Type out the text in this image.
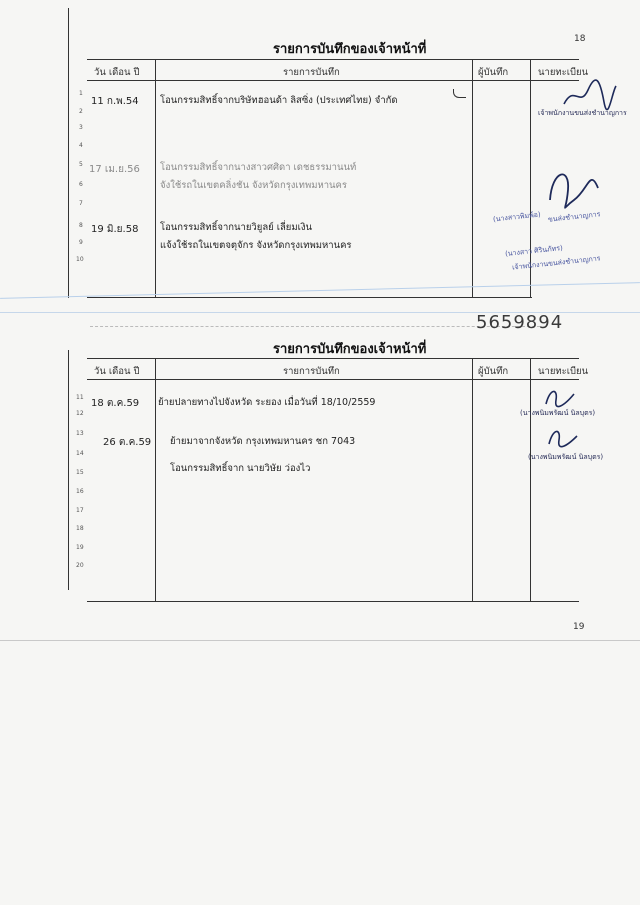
18
รายการบันทึกของเจ้าหน้าที่
วัน เดือน ปี	รายการบันทึก	ผู้บันทึก	นายทะเบียน
1
2
3
4
5
6
7
8
9
10
11 ก.พ.54 โอนกรรมสิทธิ์จากบริษัทฮอนด้า ลิสซิ่ง (ประเทศไทย) จำกัด
17 เม.ย.56 โอนกรรมสิทธิ์จากนางสาวศศิดา เดชธรรมานนท์
จังใช้รถในเขตคลิ่งชัน จังหวัดกรุงเทพมหานคร
19 มิ.ย.58 โอนกรรมสิทธิ์จากนายวิยูลย์ เลี่ยมเงิน
แจ้งใช้รถในเขตจตุจักร จังหวัดกรุงเทพมหานคร
เจ้าพนักงานขนส่งชำนาญการ
(นางสาวพิมพ์อ) ขนส่งชำนาญการ
(นางสาว ศิรินภัทร)
เจ้าพนักงานขนส่งชำนาญการ
5659894
รายการบันทึกของเจ้าหน้าที่
วัน เดือน ปี	รายการบันทึก	ผู้บันทึก	นายทะเบียน
11
12
13
14
15
16
17
18
19
20
18 ต.ค.59 ย้ายปลายทางไปจังหวัด ระยอง เมื่อวันที่ 18/10/2559
26 ต.ค.59 ย้ายมาจากจังหวัด กรุงเทพมหานคร ชก 7043
โอนกรรมสิทธิ์จาก นายวิษัย ว่องไว
(นางพนิมพรัฒน์ นิลบุตร)
(นางพนิมพรัฒน์ นิลบุตร)
19
